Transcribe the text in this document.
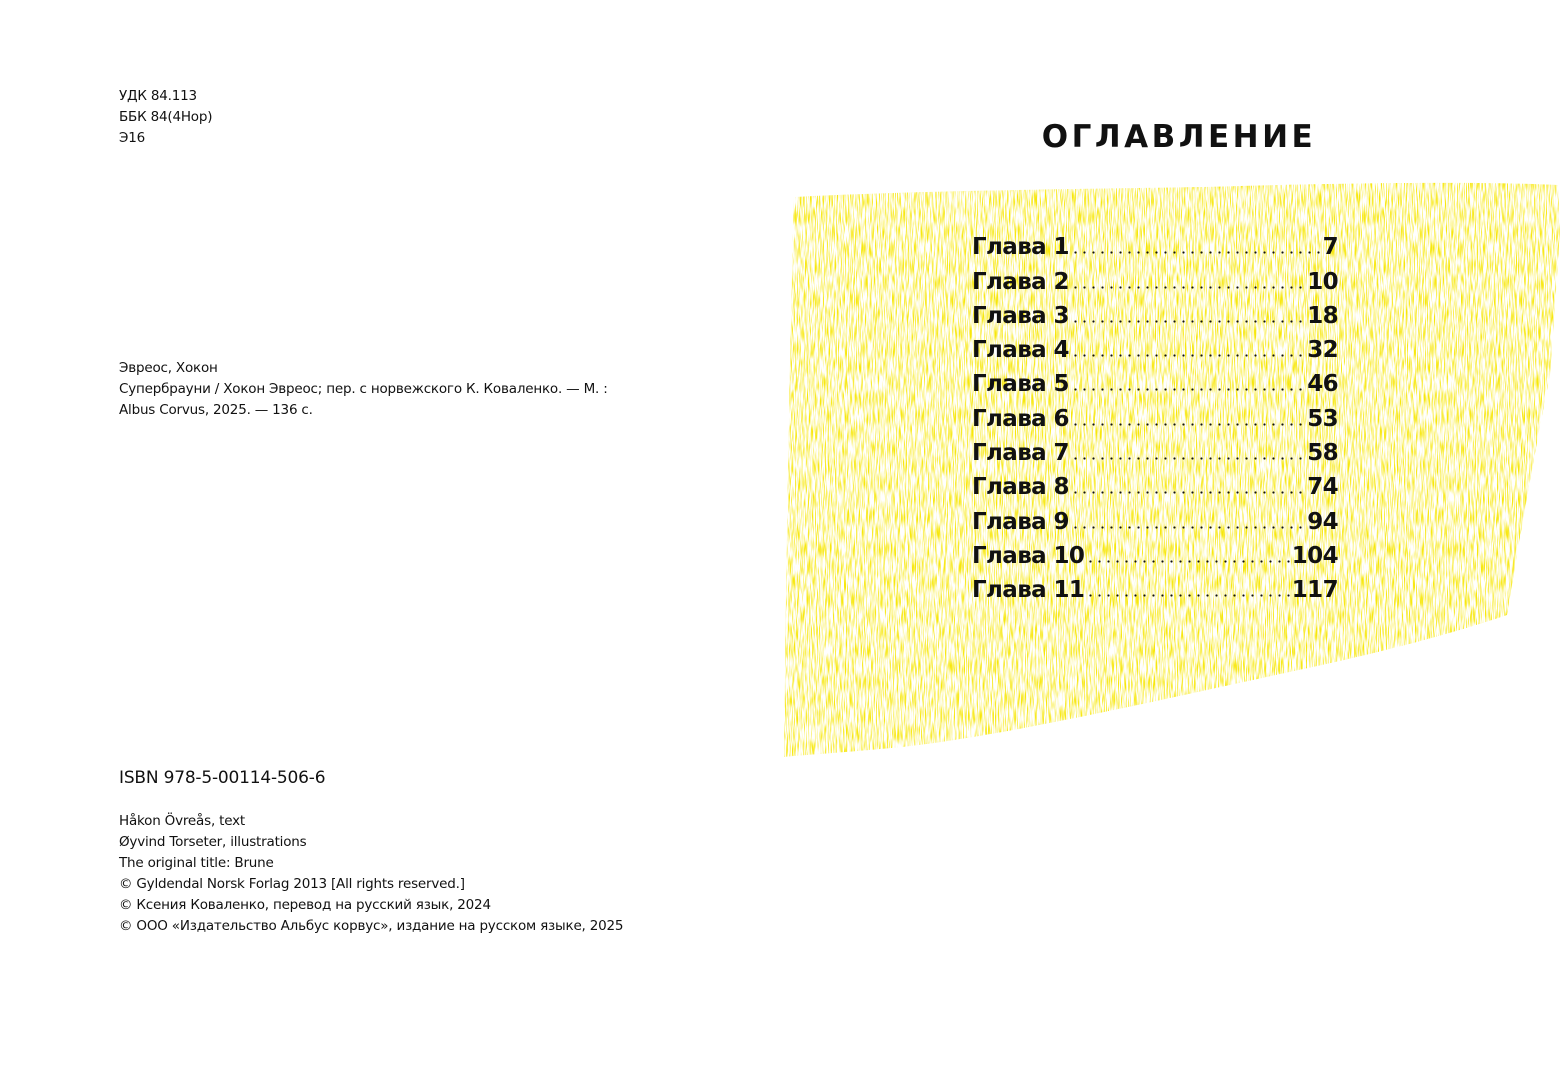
УДК 84.113
ББК 84(4Нор)
Э16
Эвреос, Хокон
Супербрауни / Хокон Эвреос; пер. с норвежского К. Коваленко. — М. :
Albus Corvus, 2025. — 136 с.
ISBN 978-5-00114-506-6
Håkon Övreås, text
Øyvind Torseter, illustrations
The original title: Brune
© Gyldendal Norsk Forlag 2013 [All rights reserved.]
© Ксения Коваленко, перевод на русский язык, 2024
© ООО «Издательство Альбус корвус», издание на русском языке, 2025
ОГЛАВЛЕНИЕ
Глава 1	7
Глава 2	10
Глава 3	18
Глава 4	32
Глава 5	46
Глава 6	53
Глава 7	58
Глава 8	74
Глава 9	94
Глава 10	104
Глава 11	117
